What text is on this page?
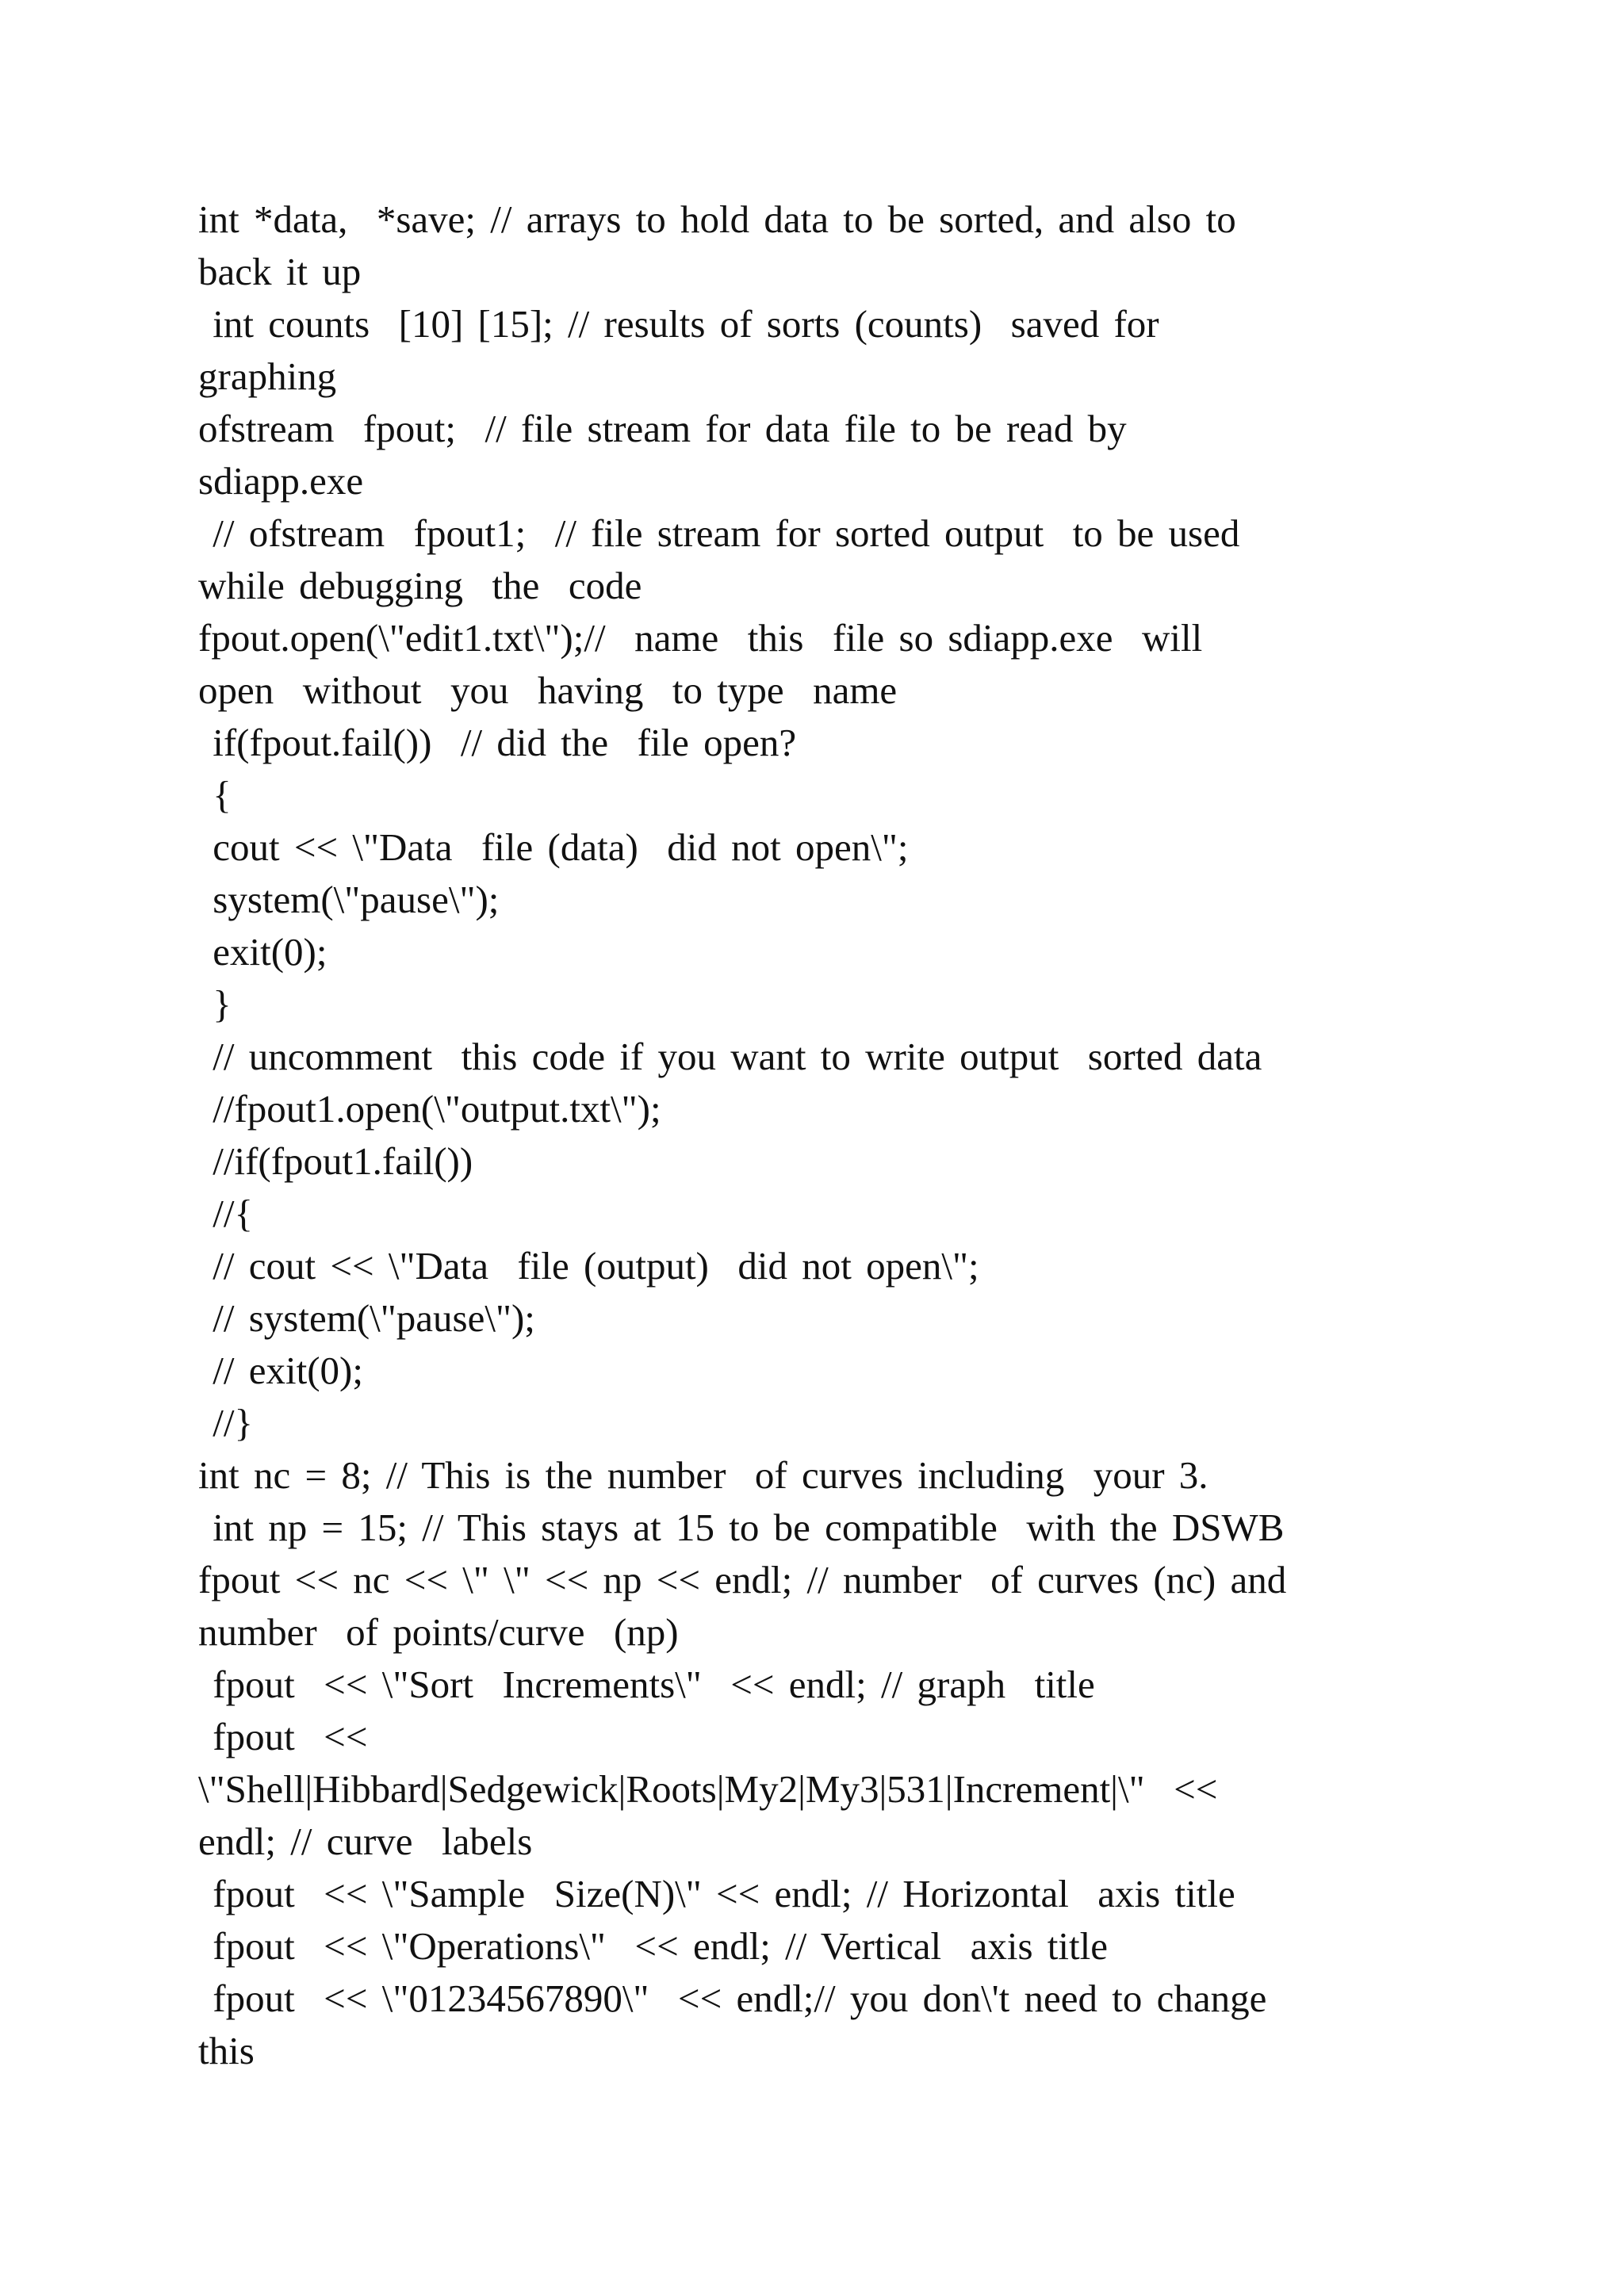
int *data,  *save; // arrays to hold data to be sorted, and also to
back it up
int counts  [10] [15]; // results of sorts (counts)  saved for
graphing
ofstream  fpout;  // file stream for data file to be read by
sdiapp.exe
// ofstream  fpout1;  // file stream for sorted output  to be used
while debugging  the  code
fpout.open(\"edit1.txt\");//  name  this  file so sdiapp.exe  will
open  without  you  having  to type  name
if(fpout.fail())  // did the  file open?
{
cout << \"Data  file (data)  did not open\";
system(\"pause\");
exit(0);
}
// uncomment  this code if you want to write output  sorted data
//fpout1.open(\"output.txt\");
//if(fpout1.fail())
//{
// cout << \"Data  file (output)  did not open\";
// system(\"pause\");
// exit(0);
//}
int nc = 8; // This is the number  of curves including  your 3.
int np = 15; // This stays at 15 to be compatible  with the DSWB
fpout << nc << \" \" << np << endl; // number  of curves (nc) and
number  of points/curve  (np)
fpout  << \"Sort  Increments\"  << endl; // graph  title
fpout  <<
\"Shell|Hibbard|Sedgewick|Roots|My2|My3|531|Increment|\"  <<
endl; // curve  labels
fpout  << \"Sample  Size(N)\" << endl; // Horizontal  axis title
fpout  << \"Operations\"  << endl; // Vertical  axis title
fpout  << \"01234567890\"  << endl;// you don\'t need to change
this
